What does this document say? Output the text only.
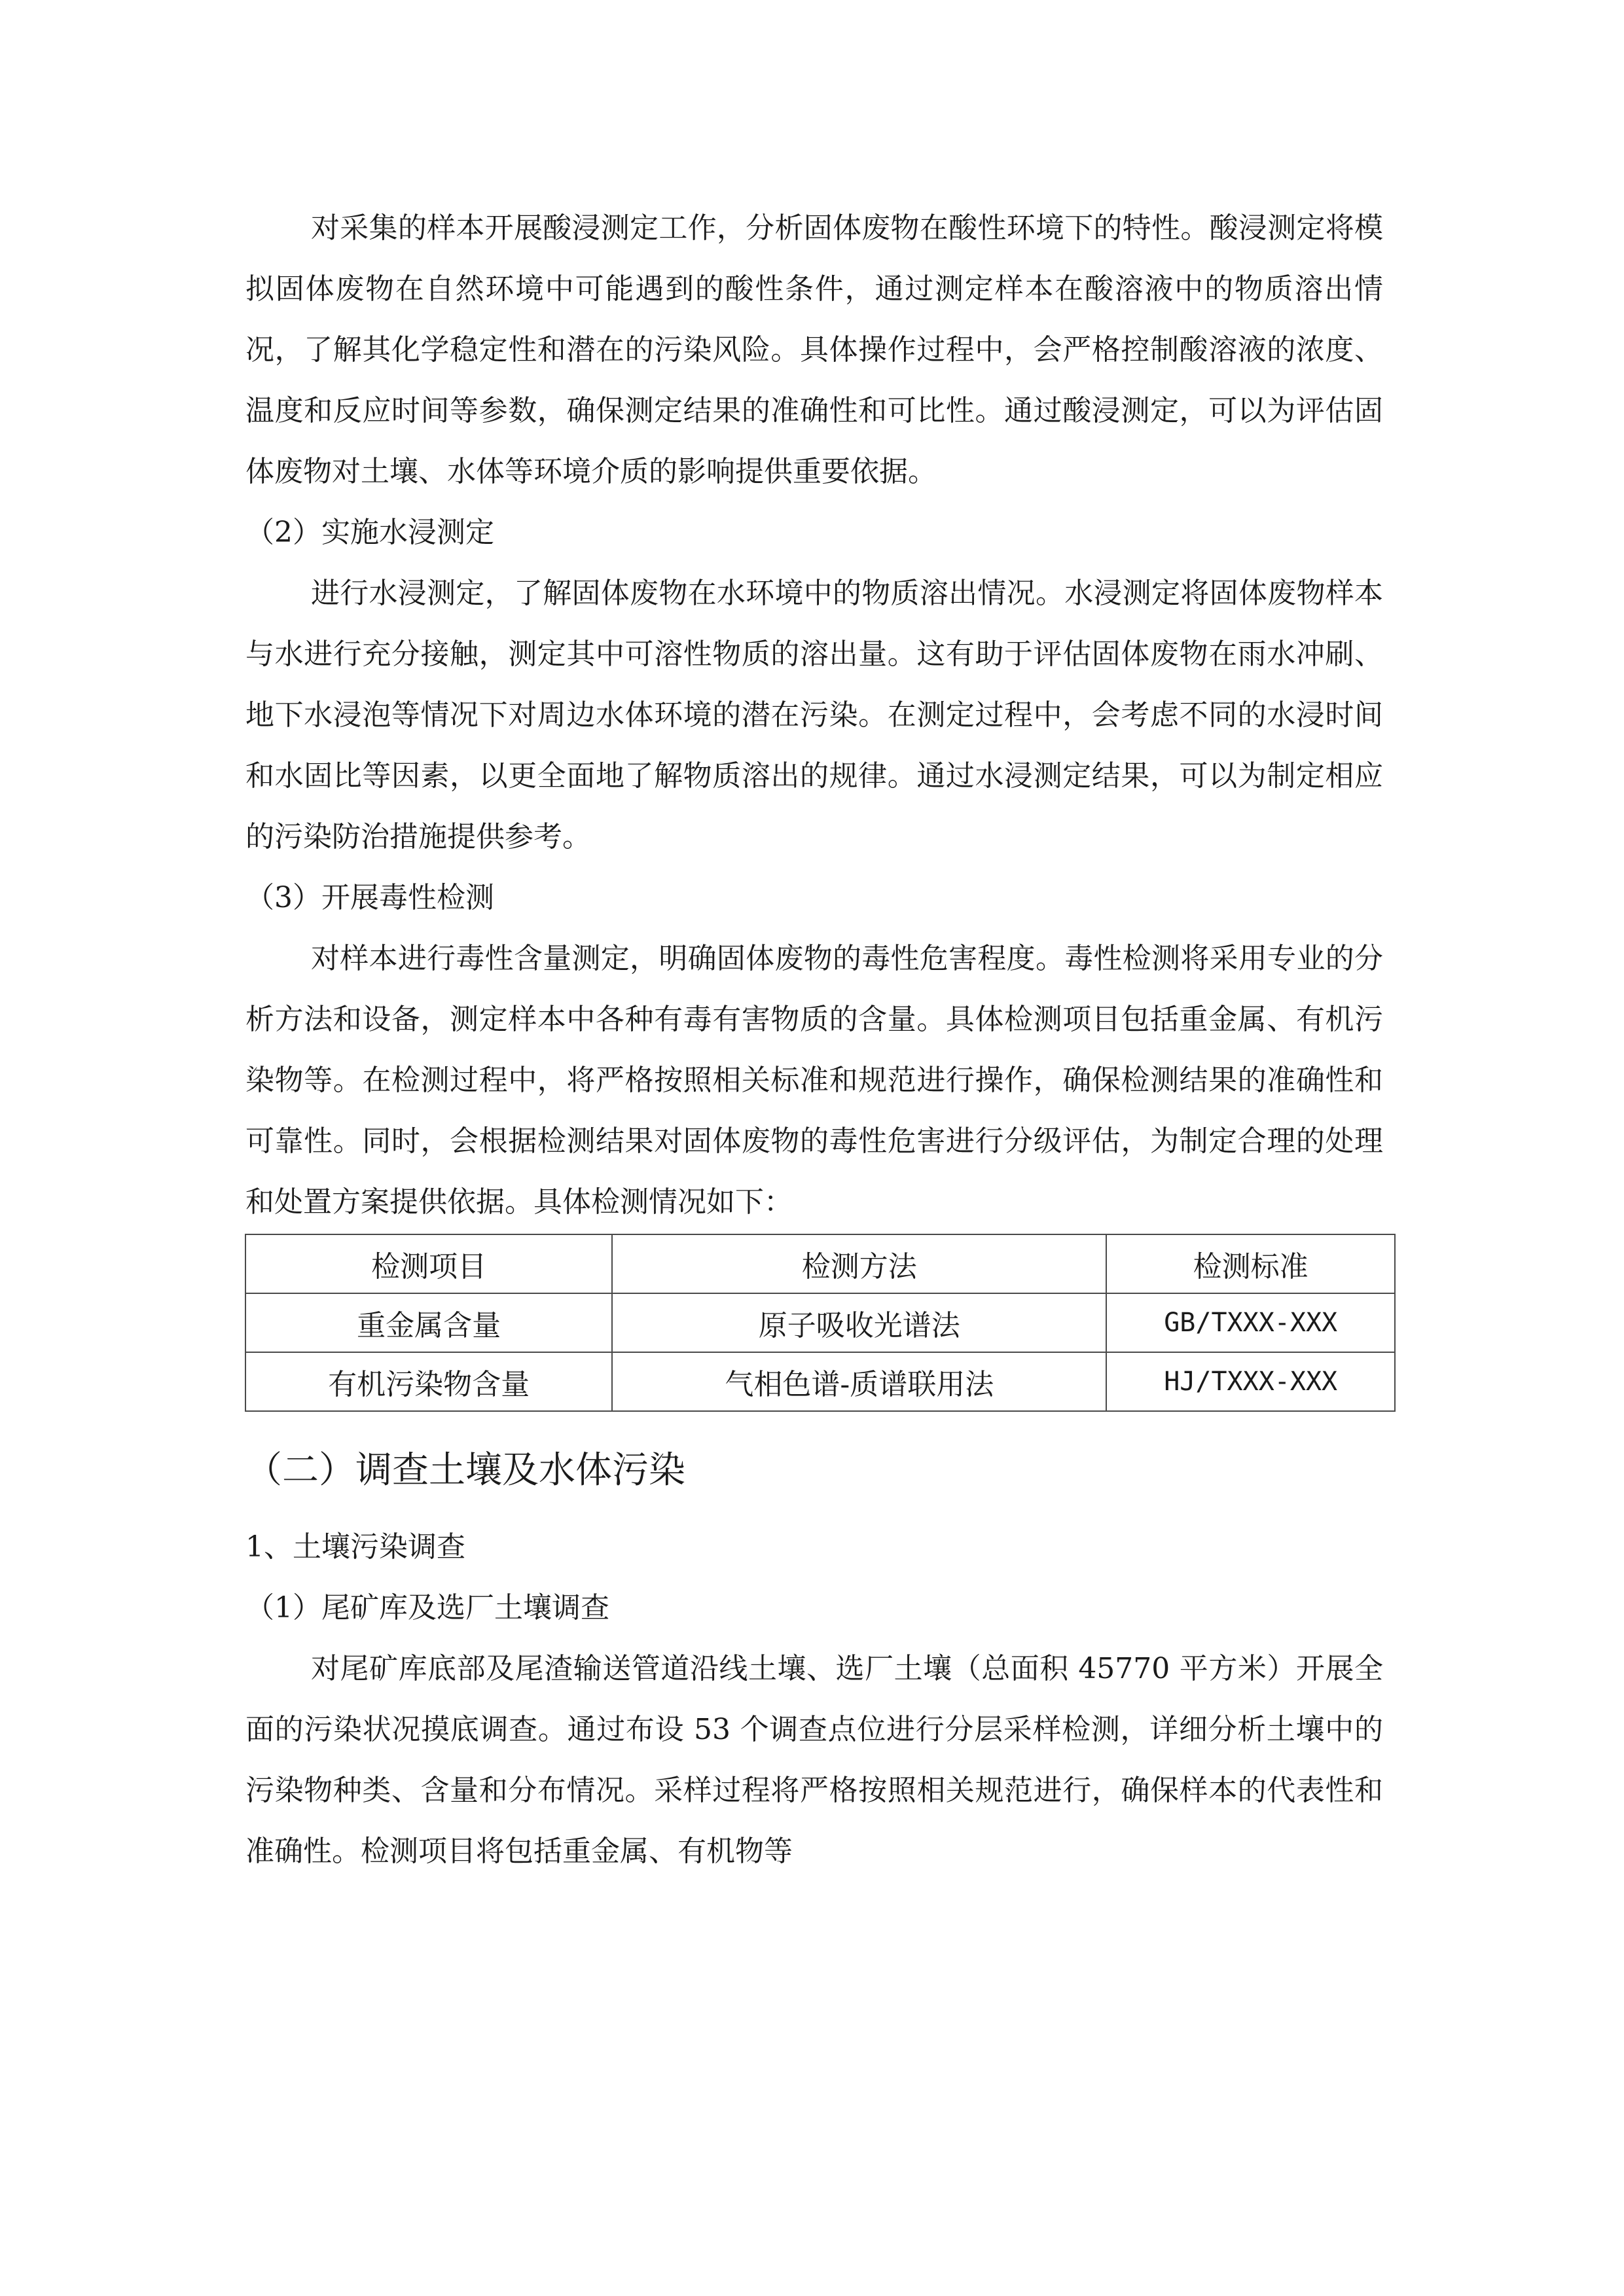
对采集的样本开展酸浸测定工作，分析固体废物在酸性环境下的特性。酸浸测定将模拟固体废物在自然环境中可能遇到的酸性条件，通过测定样本在酸溶液中的物质溶出情况，了解其化学稳定性和潜在的污染风险。具体操作过程中，会严格控制酸溶液的浓度、温度和反应时间等参数，确保测定结果的准确性和可比性。通过酸浸测定，可以为评估固体废物对土壤、水体等环境介质的影响提供重要依据。

（2）实施水浸测定

进行水浸测定，了解固体废物在水环境中的物质溶出情况。水浸测定将固体废物样本与水进行充分接触，测定其中可溶性物质的溶出量。这有助于评估固体废物在雨水冲刷、地下水浸泡等情况下对周边水体环境的潜在污染。在测定过程中，会考虑不同的水浸时间和水固比等因素，以更全面地了解物质溶出的规律。通过水浸测定结果，可以为制定相应的污染防治措施提供参考。

（3）开展毒性检测

对样本进行毒性含量测定，明确固体废物的毒性危害程度。毒性检测将采用专业的分析方法和设备，测定样本中各种有毒有害物质的含量。具体检测项目包括重金属、有机污染物等。在检测过程中，将严格按照相关标准和规范进行操作，确保检测结果的准确性和可靠性。同时，会根据检测结果对固体废物的毒性危害进行分级评估，为制定合理的处理和处置方案提供依据。具体检测情况如下：

检测项目	检测方法	检测标准
重金属含量	原子吸收光谱法	GB/TXXX-XXX
有机污染物含量	气相色谱-质谱联用法	HJ/TXXX-XXX

（二）调查土壤及水体污染

1、土壤污染调查

（1）尾矿库及选厂土壤调查

对尾矿库底部及尾渣输送管道沿线土壤、选厂土壤（总面积 45770 平方米）开展全面的污染状况摸底调查。通过布设 53 个调查点位进行分层采样检测，详细分析土壤中的污染物种类、含量和分布情况。采样过程将严格按照相关规范进行，确保样本的代表性和准确性。检测项目将包括重金属、有机物等
